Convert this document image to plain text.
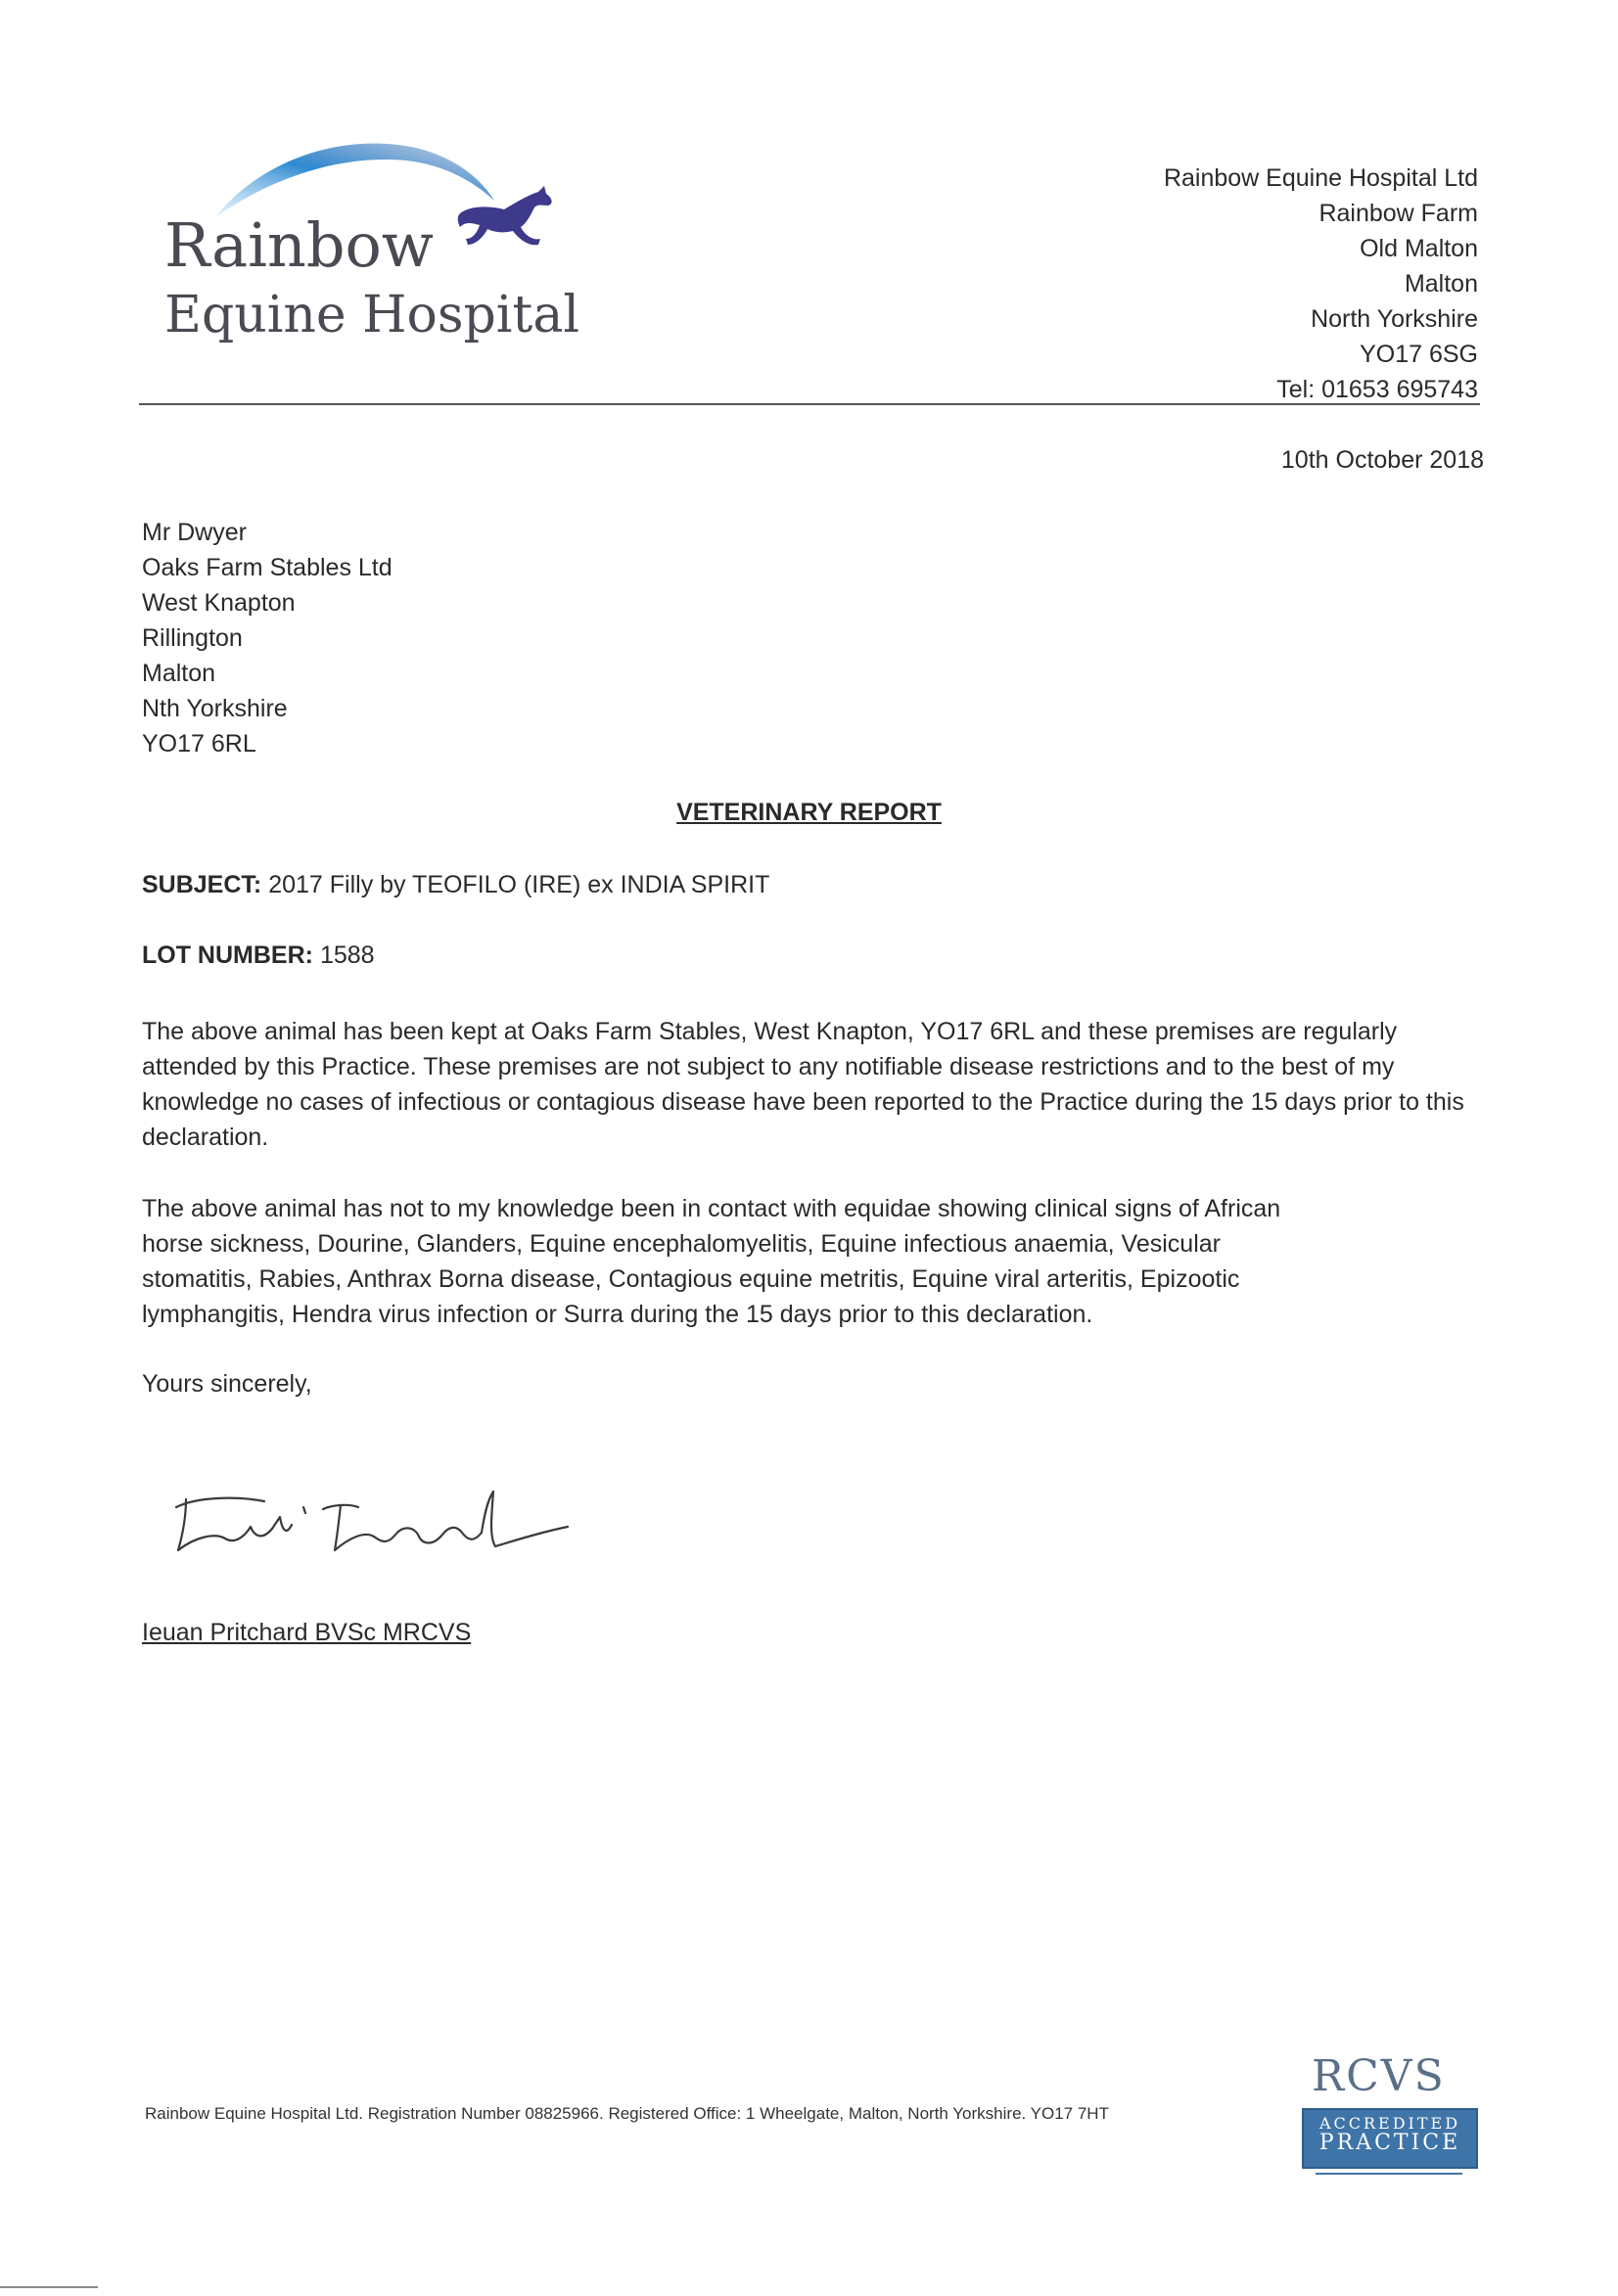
Rainbow
Equine Hospital
Rainbow Equine Hospital Ltd
Rainbow Farm
Old Malton
Malton
North Yorkshire
YO17 6SG
Tel: 01653 695743
10th October 2018
Mr Dwyer
Oaks Farm Stables Ltd
West Knapton
Rillington
Malton
Nth Yorkshire
YO17 6RL
VETERINARY REPORT
SUBJECT: 2017 Filly by TEOFILO (IRE) ex INDIA SPIRIT
LOT NUMBER: 1588
The above animal has been kept at Oaks Farm Stables, West Knapton, YO17 6RL and these premises are regularly attended by this Practice. These premises are not subject to any notifiable disease restrictions and to the best of my knowledge no cases of infectious or contagious disease have been reported to the Practice during the 15 days prior to this declaration.
The above animal has not to my knowledge been in contact with equidae showing clinical signs of African
horse sickness, Dourine, Glanders, Equine encephalomyelitis, Equine infectious anaemia, Vesicular
stomatitis, Rabies, Anthrax Borna disease, Contagious equine metritis, Equine viral arteritis, Epizootic
lymphangitis, Hendra virus infection or Surra during the 15 days prior to this declaration.
Yours sincerely,
Ieuan Pritchard BVSc MRCVS
Rainbow Equine Hospital Ltd. Registration Number 08825966. Registered Office: 1 Wheelgate, Malton, North Yorkshire. YO17 7HT
RCVS
ACCREDITED
PRACTICE
